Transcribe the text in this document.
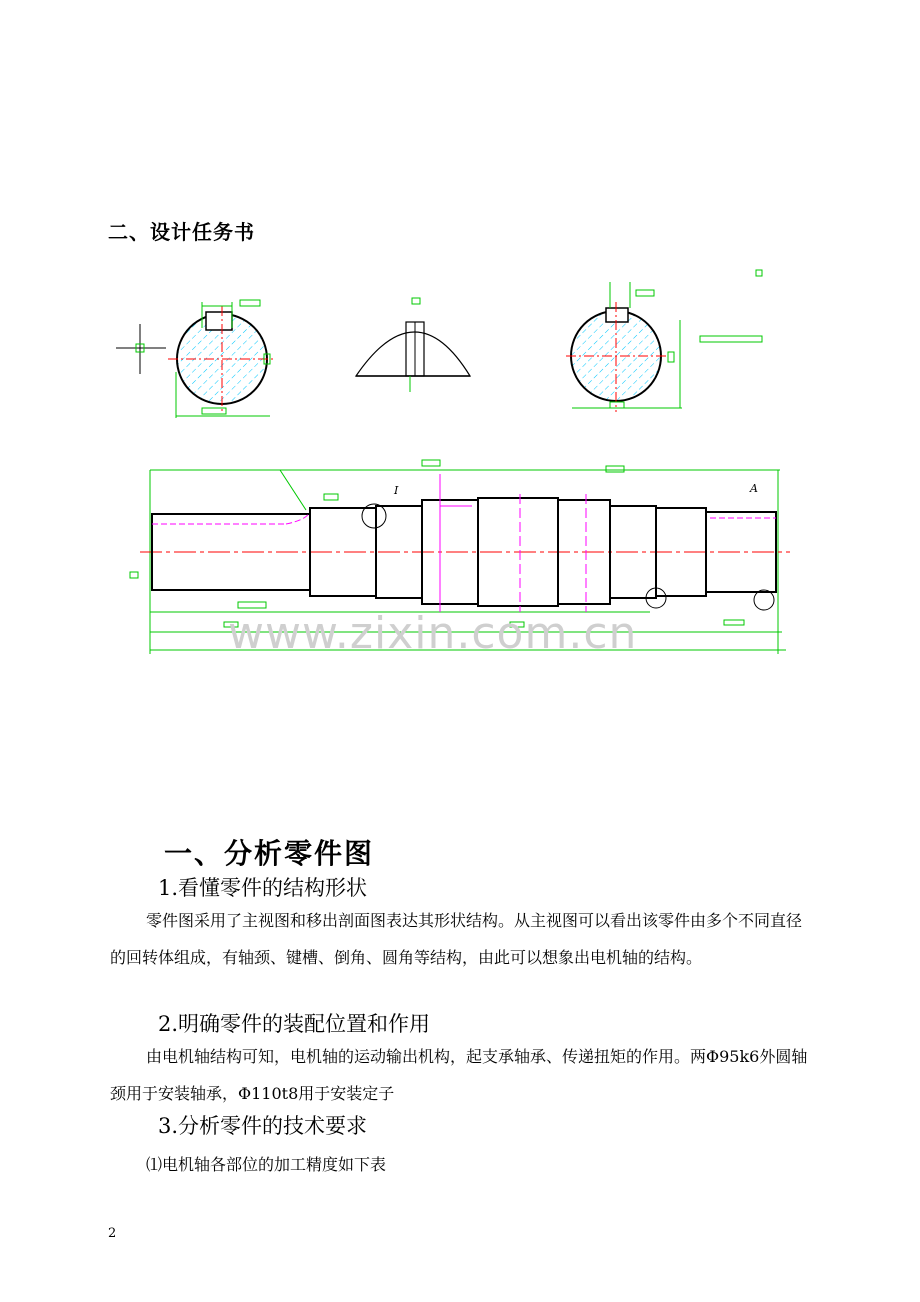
二、设计任务书
I	A
www.zixin.com.cn
一、分析零件图
1.看懂零件的结构形状
零件图采用了主视图和移出剖面图表达其形状结构。从主视图可以看出该零件由多个不同直径的回转体组成，有轴颈、键槽、倒角、圆角等结构，由此可以想象出电机轴的结构。
2.明确零件的装配位置和作用
由电机轴结构可知，电机轴的运动输出机构，起支承轴承、传递扭矩的作用。两Φ95k6外圆轴颈用于安装轴承，Φ110t8用于安装定子
3.分析零件的技术要求
⑴电机轴各部位的加工精度如下表
2
